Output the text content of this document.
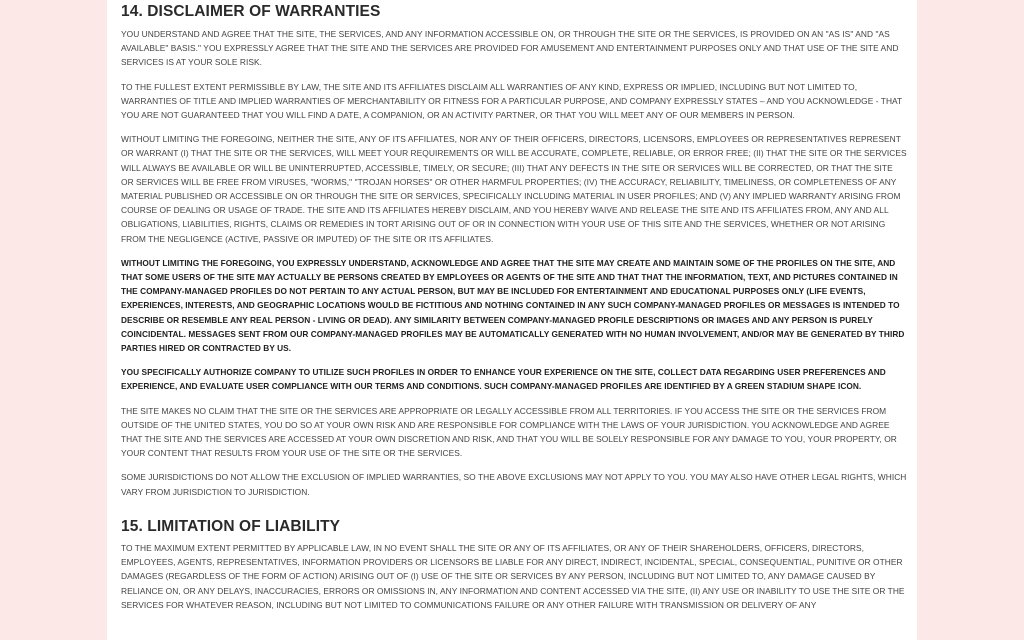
14. DISCLAIMER OF WARRANTIES

YOU UNDERSTAND AND AGREE THAT THE SITE, THE SERVICES, AND ANY INFORMATION ACCESSIBLE ON, OR THROUGH THE SITE OR THE SERVICES, IS PROVIDED ON AN "AS IS" AND "AS AVAILABLE" BASIS." YOU EXPRESSLY AGREE THAT THE SITE AND THE SERVICES ARE PROVIDED FOR AMUSEMENT AND ENTERTAINMENT PURPOSES ONLY AND THAT USE OF THE SITE AND SERVICES IS AT YOUR SOLE RISK.

TO THE FULLEST EXTENT PERMISSIBLE BY LAW, THE SITE AND ITS AFFILIATES DISCLAIM ALL WARRANTIES OF ANY KIND, EXPRESS OR IMPLIED, INCLUDING BUT NOT LIMITED TO, WARRANTIES OF TITLE AND IMPLIED WARRANTIES OF MERCHANTABILITY OR FITNESS FOR A PARTICULAR PURPOSE, AND COMPANY EXPRESSLY STATES – AND YOU ACKNOWLEDGE - THAT YOU ARE NOT GUARANTEED THAT YOU WILL FIND A DATE, A COMPANION, OR AN ACTIVITY PARTNER, OR THAT YOU WILL MEET ANY OF OUR MEMBERS IN PERSON.

WITHOUT LIMITING THE FOREGOING, NEITHER THE SITE, ANY OF ITS AFFILIATES, NOR ANY OF THEIR OFFICERS, DIRECTORS, LICENSORS, EMPLOYEES OR REPRESENTATIVES REPRESENT OR WARRANT (I) THAT THE SITE OR THE SERVICES, WILL MEET YOUR REQUIREMENTS OR WILL BE ACCURATE, COMPLETE, RELIABLE, OR ERROR FREE; (II) THAT THE SITE OR THE SERVICES WILL ALWAYS BE AVAILABLE OR WILL BE UNINTERRUPTED, ACCESSIBLE, TIMELY, OR SECURE; (III) THAT ANY DEFECTS IN THE SITE OR SERVICES WILL BE CORRECTED, OR THAT THE SITE OR SERVICES WILL BE FREE FROM VIRUSES, "WORMS," "TROJAN HORSES" OR OTHER HARMFUL PROPERTIES; (IV) THE ACCURACY, RELIABILITY, TIMELINESS, OR COMPLETENESS OF ANY MATERIAL PUBLISHED OR ACCESSIBLE ON OR THROUGH THE SITE OR SERVICES, SPECIFICALLY INCLUDING MATERIAL IN USER PROFILES; AND (V) ANY IMPLIED WARRANTY ARISING FROM COURSE OF DEALING OR USAGE OF TRADE. THE SITE AND ITS AFFILIATES HEREBY DISCLAIM, AND YOU HEREBY WAIVE AND RELEASE THE SITE AND ITS AFFILIATES FROM, ANY AND ALL OBLIGATIONS, LIABILITIES, RIGHTS, CLAIMS OR REMEDIES IN TORT ARISING OUT OF OR IN CONNECTION WITH YOUR USE OF THIS SITE AND THE SERVICES, WHETHER OR NOT ARISING FROM THE NEGLIGENCE (ACTIVE, PASSIVE OR IMPUTED) OF THE SITE OR ITS AFFILIATES.

WITHOUT LIMITING THE FOREGOING, YOU EXPRESSLY UNDERSTAND, ACKNOWLEDGE AND AGREE THAT THE SITE MAY CREATE AND MAINTAIN SOME OF THE PROFILES ON THE SITE, AND THAT SOME USERS OF THE SITE MAY ACTUALLY BE PERSONS CREATED BY EMPLOYEES OR AGENTS OF THE SITE AND THAT THAT THE INFORMATION, TEXT, AND PICTURES CONTAINED IN THE COMPANY-MANAGED PROFILES DO NOT PERTAIN TO ANY ACTUAL PERSON, BUT MAY BE INCLUDED FOR ENTERTAINMENT AND EDUCATIONAL PURPOSES ONLY (LIFE EVENTS, EXPERIENCES, INTERESTS, AND GEOGRAPHIC LOCATIONS WOULD BE FICTITIOUS AND NOTHING CONTAINED IN ANY SUCH COMPANY-MANAGED PROFILES OR MESSAGES IS INTENDED TO DESCRIBE OR RESEMBLE ANY REAL PERSON - LIVING OR DEAD). ANY SIMILARITY BETWEEN COMPANY-MANAGED PROFILE DESCRIPTIONS OR IMAGES AND ANY PERSON IS PURELY COINCIDENTAL. MESSAGES SENT FROM OUR COMPANY-MANAGED PROFILES MAY BE AUTOMATICALLY GENERATED WITH NO HUMAN INVOLVEMENT, AND/OR MAY BE GENERATED BY THIRD PARTIES HIRED OR CONTRACTED BY US.

YOU SPECIFICALLY AUTHORIZE COMPANY TO UTILIZE SUCH PROFILES IN ORDER TO ENHANCE YOUR EXPERIENCE ON THE SITE, COLLECT DATA REGARDING USER PREFERENCES AND EXPERIENCE, AND EVALUATE USER COMPLIANCE WITH OUR TERMS AND CONDITIONS. SUCH COMPANY-MANAGED PROFILES ARE IDENTIFIED BY A GREEN STADIUM SHAPE ICON.

THE SITE MAKES NO CLAIM THAT THE SITE OR THE SERVICES ARE APPROPRIATE OR LEGALLY ACCESSIBLE FROM ALL TERRITORIES. IF YOU ACCESS THE SITE OR THE SERVICES FROM OUTSIDE OF THE UNITED STATES, YOU DO SO AT YOUR OWN RISK AND ARE RESPONSIBLE FOR COMPLIANCE WITH THE LAWS OF YOUR JURISDICTION. YOU ACKNOWLEDGE AND AGREE THAT THE SITE AND THE SERVICES ARE ACCESSED AT YOUR OWN DISCRETION AND RISK, AND THAT YOU WILL BE SOLELY RESPONSIBLE FOR ANY DAMAGE TO YOU, YOUR PROPERTY, OR YOUR CONTENT THAT RESULTS FROM YOUR USE OF THE SITE OR THE SERVICES.

SOME JURISDICTIONS DO NOT ALLOW THE EXCLUSION OF IMPLIED WARRANTIES, SO THE ABOVE EXCLUSIONS MAY NOT APPLY TO YOU. YOU MAY ALSO HAVE OTHER LEGAL RIGHTS, WHICH VARY FROM JURISDICTION TO JURISDICTION.

15. LIMITATION OF LIABILITY

TO THE MAXIMUM EXTENT PERMITTED BY APPLICABLE LAW, IN NO EVENT SHALL THE SITE OR ANY OF ITS AFFILIATES, OR ANY OF THEIR SHAREHOLDERS, OFFICERS, DIRECTORS, EMPLOYEES, AGENTS, REPRESENTATIVES, INFORMATION PROVIDERS OR LICENSORS BE LIABLE FOR ANY DIRECT, INDIRECT, INCIDENTAL, SPECIAL, CONSEQUENTIAL, PUNITIVE OR OTHER DAMAGES (REGARDLESS OF THE FORM OF ACTION) ARISING OUT OF (I) USE OF THE SITE OR SERVICES BY ANY PERSON, INCLUDING BUT NOT LIMITED TO, ANY DAMAGE CAUSED BY RELIANCE ON, OR ANY DELAYS, INACCURACIES, ERRORS OR OMISSIONS IN, ANY INFORMATION AND CONTENT ACCESSED VIA THE SITE, (II) ANY USE OR INABILITY TO USE THE SITE OR THE SERVICES FOR WHATEVER REASON, INCLUDING BUT NOT LIMITED TO COMMUNICATIONS FAILURE OR ANY OTHER FAILURE WITH TRANSMISSION OR DELIVERY OF ANY
